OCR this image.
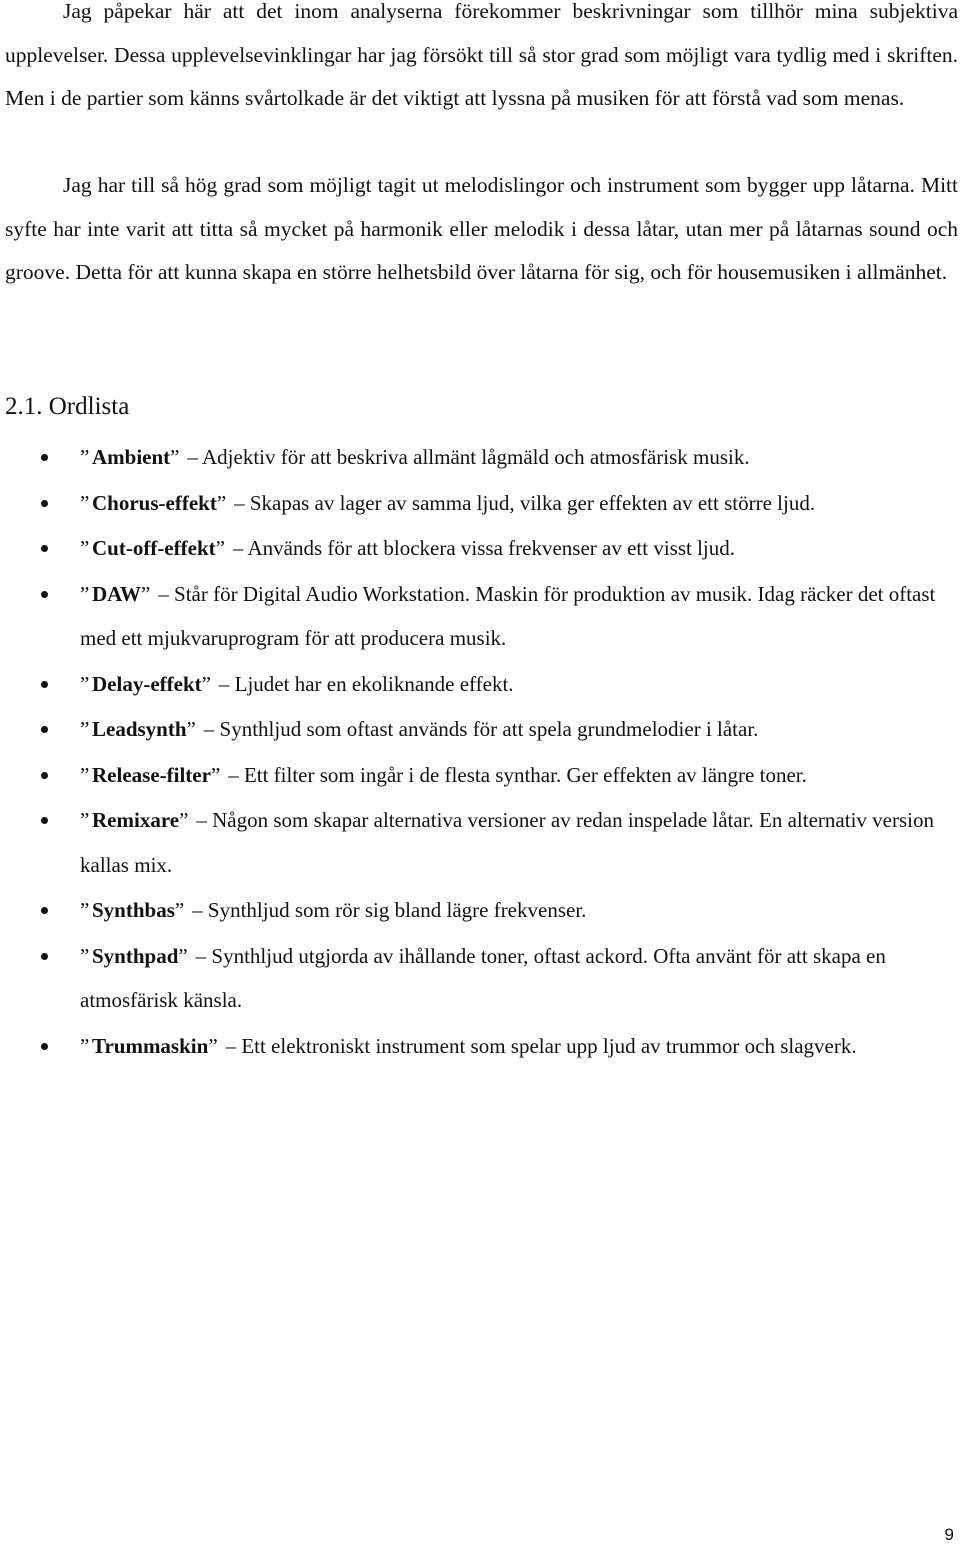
Jag påpekar här att det inom analyserna förekommer beskrivningar som tillhör mina subjektiva upplevelser. Dessa upplevelsevinklingar har jag försökt till så stor grad som möjligt vara tydlig med i skriften. Men i de partier som känns svårtolkade är det viktigt att lyssna på musiken för att förstå vad som menas.

Jag har till så hög grad som möjligt tagit ut melodislingor och instrument som bygger upp låtarna. Mitt syfte har inte varit att titta så mycket på harmonik eller melodik i dessa låtar, utan mer på låtarnas sound och groove. Detta för att kunna skapa en större helhetsbild över låtarna för sig, och för housemusiken i allmänhet.

2.1. Ordlista
” Ambient” – Adjektiv för att beskriva allmänt lågmäld och atmosfärisk musik.
” Chorus-effekt” – Skapas av lager av samma ljud, vilka ger effekten av ett större ljud.
” Cut-off-effekt” – Används för att blockera vissa frekvenser av ett visst ljud.
” DAW” – Står för Digital Audio Workstation. Maskin för produktion av musik. Idag räcker det oftast med ett mjukvaruprogram för att producera musik.
” Delay-effekt” – Ljudet har en ekoliknande effekt.
” Leadsynth” – Synthljud som oftast används för att spela grundmelodier i låtar.
” Release-filter” – Ett filter som ingår i de flesta synthar. Ger effekten av längre toner.
” Remixare” – Någon som skapar alternativa versioner av redan inspelade låtar. En alternativ version kallas mix.
” Synthbas” – Synthljud som rör sig bland lägre frekvenser.
” Synthpad” – Synthljud utgjorda av ihållande toner, oftast ackord. Ofta använt för att skapa en atmosfärisk känsla.
” Trummaskin” – Ett elektroniskt instrument som spelar upp ljud av trummor och slagverk.
9
